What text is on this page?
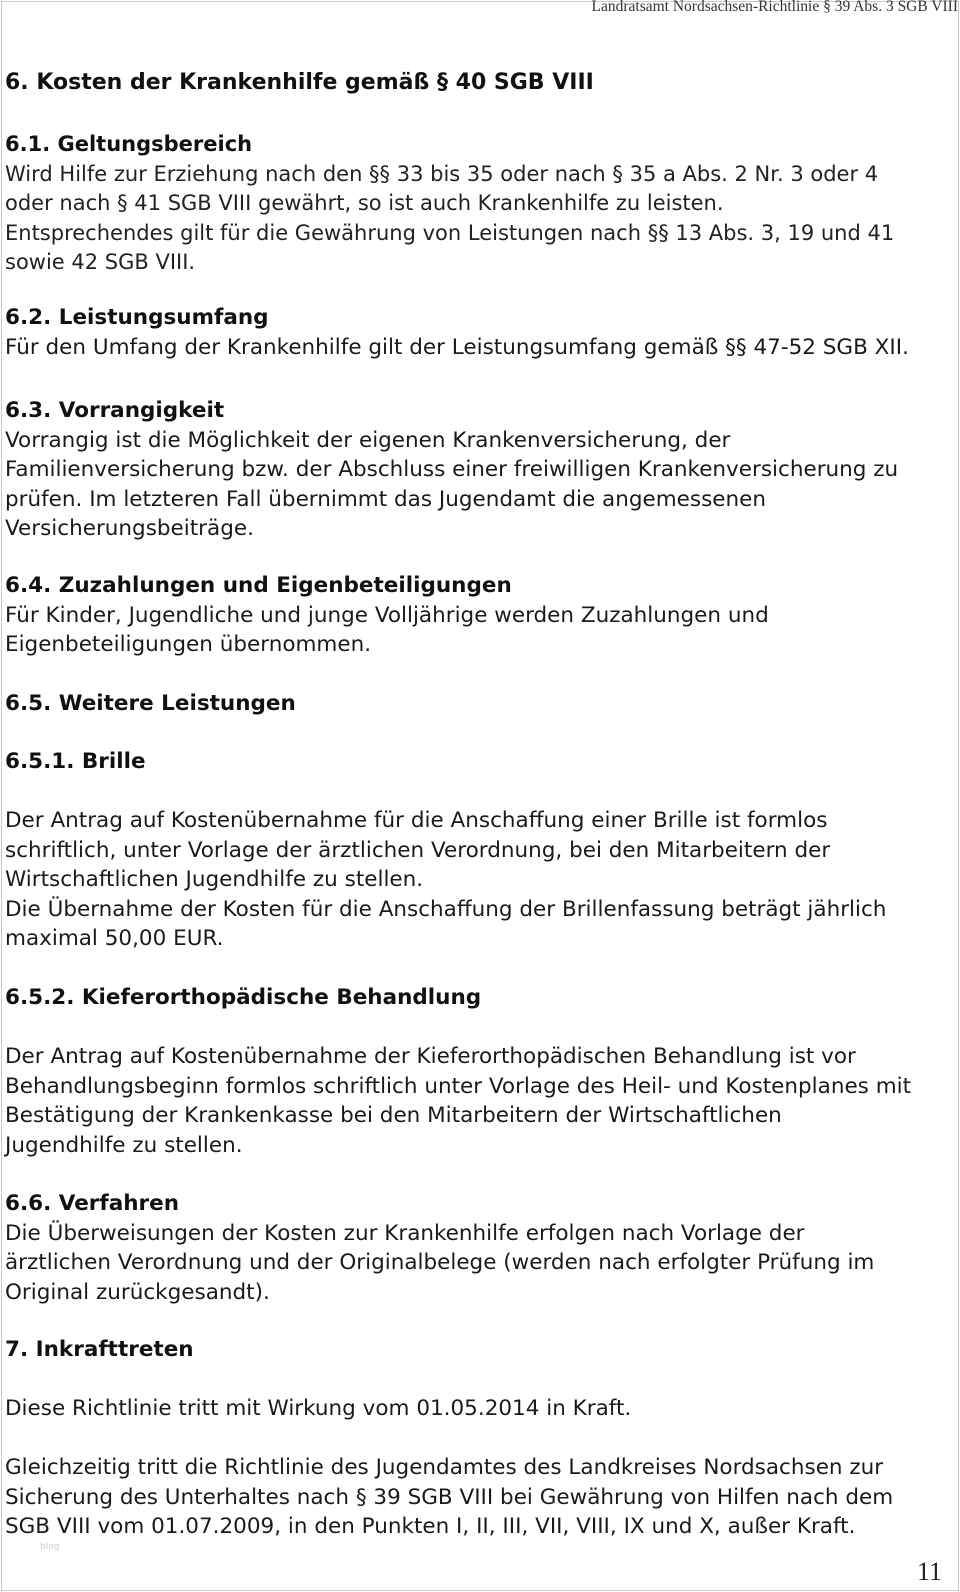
Landratsamt Nordsachsen-Richtlinie § 39 Abs. 3 SGB VIII
6. Kosten der Krankenhilfe gemäß § 40 SGB VIII
6.1. Geltungsbereich
Wird Hilfe zur Erziehung nach den §§ 33 bis 35 oder nach § 35 a Abs. 2 Nr. 3 oder 4
oder nach § 41 SGB VIII gewährt, so ist auch Krankenhilfe zu leisten.
Entsprechendes gilt für die Gewährung von Leistungen nach §§ 13 Abs. 3, 19 und 41
sowie 42 SGB VIII.
6.2. Leistungsumfang
Für den Umfang der Krankenhilfe gilt der Leistungsumfang gemäß §§ 47-52 SGB XII.
6.3. Vorrangigkeit
Vorrangig ist die Möglichkeit der eigenen Krankenversicherung, der
Familienversicherung bzw. der Abschluss einer freiwilligen Krankenversicherung zu
prüfen. Im letzteren Fall übernimmt das Jugendamt die angemessenen
Versicherungsbeiträge.
6.4. Zuzahlungen und Eigenbeteiligungen
Für Kinder, Jugendliche und junge Volljährige werden Zuzahlungen und
Eigenbeteiligungen übernommen.
6.5. Weitere Leistungen
6.5.1. Brille
Der Antrag auf Kostenübernahme für die Anschaffung einer Brille ist formlos
schriftlich, unter Vorlage der ärztlichen Verordnung, bei den Mitarbeitern der
Wirtschaftlichen Jugendhilfe zu stellen.
Die Übernahme der Kosten für die Anschaffung der Brillenfassung beträgt jährlich
maximal 50,00 EUR.
6.5.2. Kieferorthopädische Behandlung
Der Antrag auf Kostenübernahme der Kieferorthopädischen Behandlung ist vor
Behandlungsbeginn formlos schriftlich unter Vorlage des Heil- und Kostenplanes mit
Bestätigung der Krankenkasse bei den Mitarbeitern der Wirtschaftlichen
Jugendhilfe zu stellen.
6.6. Verfahren
Die Überweisungen der Kosten zur Krankenhilfe erfolgen nach Vorlage der
ärztlichen Verordnung und der Originalbelege (werden nach erfolgter Prüfung im
Original zurückgesandt).
7. Inkrafttreten
Diese Richtlinie tritt mit Wirkung vom 01.05.2014 in Kraft.
Gleichzeitig tritt die Richtlinie des Jugendamtes des Landkreises Nordsachsen zur
Sicherung des Unterhaltes nach § 39 SGB VIII bei Gewährung von Hilfen nach dem
SGB VIII vom 01.07.2009, in den Punkten I, II, III, VII, VIII, IX und X, außer Kraft.
blog
11
